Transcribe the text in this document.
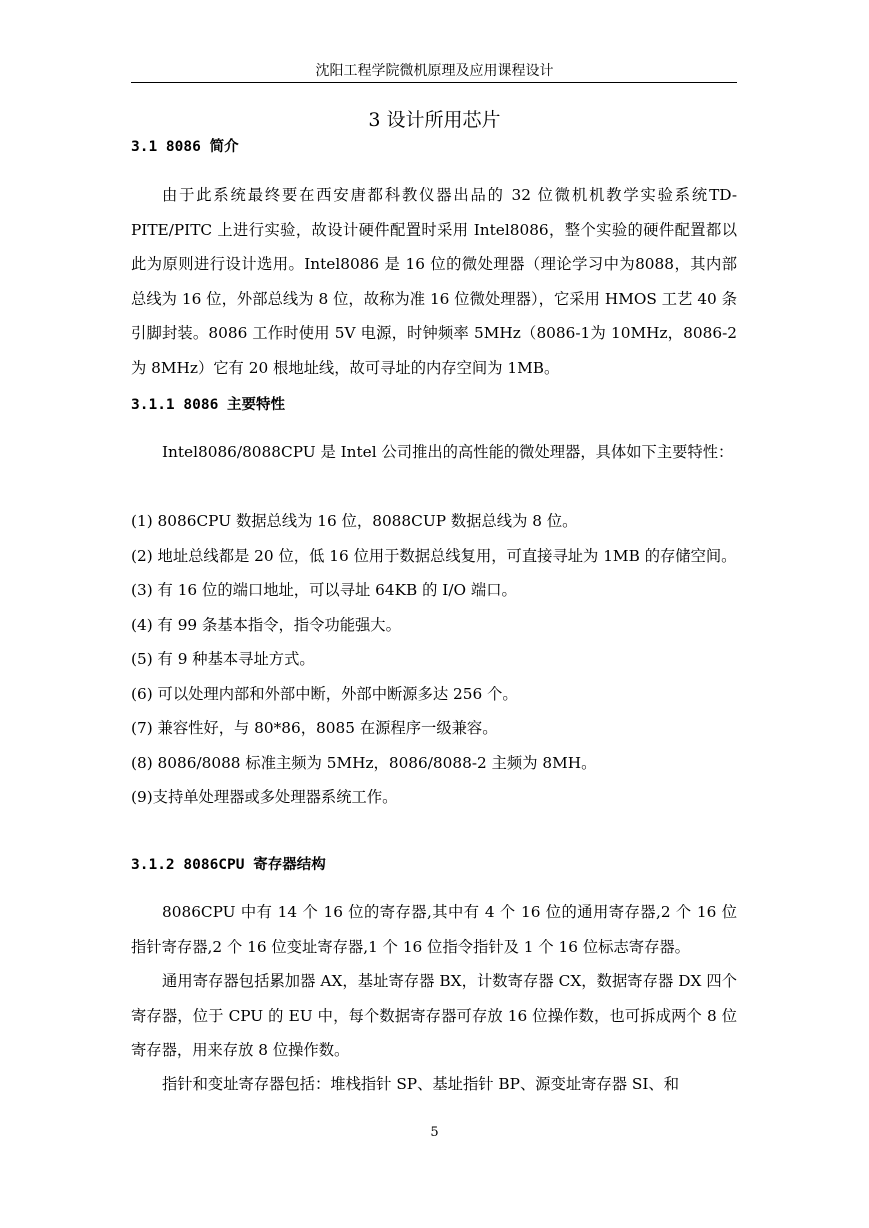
沈阳工程学院微机原理及应用课程设计
3 设计所用芯片
3.1 8086 简介

由于此系统最终要在西安唐都科教仪器出品的 32 位微机机教学实验系统TD-PITE/PITC 上进行实验，故设计硬件配置时采用 Intel8086，整个实验的硬件配置都以此为原则进行设计选用。Intel8086 是 16 位的微处理器（理论学习中为8088，其内部总线为 16 位，外部总线为 8 位，故称为准 16 位微处理器），它采用 HMOS 工艺 40 条引脚封装。8086 工作时使用 5V 电源，时钟频率 5MHz（8086-1为 10MHz，8086-2 为 8MHz）它有 20 根地址线，故可寻址的内存空间为 1MB。

3.1.1 8086 主要特性

Intel8086/8088CPU 是 Intel 公司推出的高性能的微处理器，具体如下主要特性：

(1) 8086CPU 数据总线为 16 位，8088CUP 数据总线为 8 位。
(2) 地址总线都是 20 位，低 16 位用于数据总线复用，可直接寻址为 1MB 的存储空间。
(3) 有 16 位的端口地址，可以寻址 64KB 的 I/O 端口。
(4) 有 99 条基本指令，指令功能强大。
(5) 有 9 种基本寻址方式。
(6) 可以处理内部和外部中断，外部中断源多达 256 个。
(7) 兼容性好，与 80*86，8085 在源程序一级兼容。
(8) 8086/8088 标准主频为 5MHz，8086/8088-2 主频为 8MH。
(9)支持单处理器或多处理器系统工作。
3.1.2 8086CPU 寄存器结构

8086CPU 中有 14 个 16 位的寄存器,其中有 4 个 16 位的通用寄存器,2 个 16 位指针寄存器,2 个 16 位变址寄存器,1 个 16 位指令指针及 1 个 16 位标志寄存器。

通用寄存器包括累加器 AX，基址寄存器 BX，计数寄存器 CX，数据寄存器 DX 四个寄存器，位于 CPU 的 EU 中，每个数据寄存器可存放 16 位操作数，也可拆成两个 8 位寄存器，用来存放 8 位操作数。

指针和变址寄存器包括：堆栈指针 SP、基址指针 BP、源变址寄存器 SI、和

5
